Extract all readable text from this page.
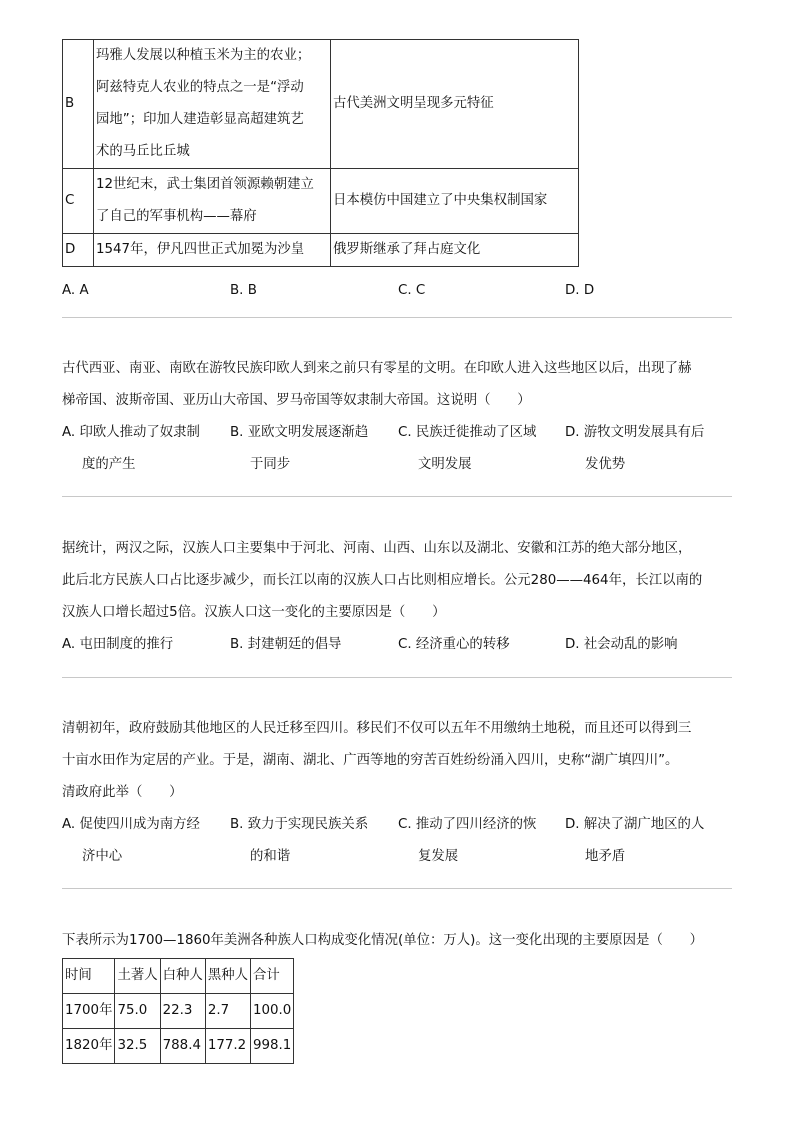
B	玛雅人发展以种植玉米为主的农业；
阿兹特克人农业的特点之一是“浮动
园地”；印加人建造彰显高超建筑艺
术的马丘比丘城	古代美洲文明呈现多元特征
C	12世纪末，武士集团首领源赖朝建立
了自己的军事机构——幕府	日本模仿中国建立了中央集权制国家
D	1547年，伊凡四世正式加冕为沙皇	俄罗斯继承了拜占庭文化
A. A	B. B	C. C	D. D
古代西亚、南亚、南欧在游牧民族印欧人到来之前只有零星的文明。在印欧人进入这些地区以后，出现了赫
梯帝国、波斯帝国、亚历山大帝国、罗马帝国等奴隶制大帝国。这说明（　　）
A. 印欧人推动了奴隶制
度的产生
B. 亚欧文明发展逐渐趋
于同步
C. 民族迁徙推动了区域
文明发展
D. 游牧文明发展具有后
发优势
据统计，两汉之际，汉族人口主要集中于河北、河南、山西、山东以及湖北、安徽和江苏的绝大部分地区，
此后北方民族人口占比逐步减少，而长江以南的汉族人口占比则相应增长。公元280——464年，长江以南的
汉族人口增长超过5倍。汉族人口这一变化的主要原因是（　　）
A. 屯田制度的推行	B. 封建朝廷的倡导	C. 经济重心的转移	D. 社会动乱的影响
清朝初年，政府鼓励其他地区的人民迁移至四川。移民们不仅可以五年不用缴纳土地税，而且还可以得到三
十亩水田作为定居的产业。于是，湖南、湖北、广西等地的穷苦百姓纷纷涌入四川，史称“湖广填四川”。
清政府此举（　　）
A. 促使四川成为南方经
济中心
B. 致力于实现民族关系
的和谐
C. 推动了四川经济的恢
复发展
D. 解决了湖广地区的人
地矛盾
下表所示为1700—1860年美洲各种族人口构成变化情况(单位：万人)。这一变化出现的主要原因是（　　）
时间	土著人	白种人	黑种人	合计
1700年	75.0	22.3	2.7	100.0
1820年	32.5	788.4	177.2	998.1
